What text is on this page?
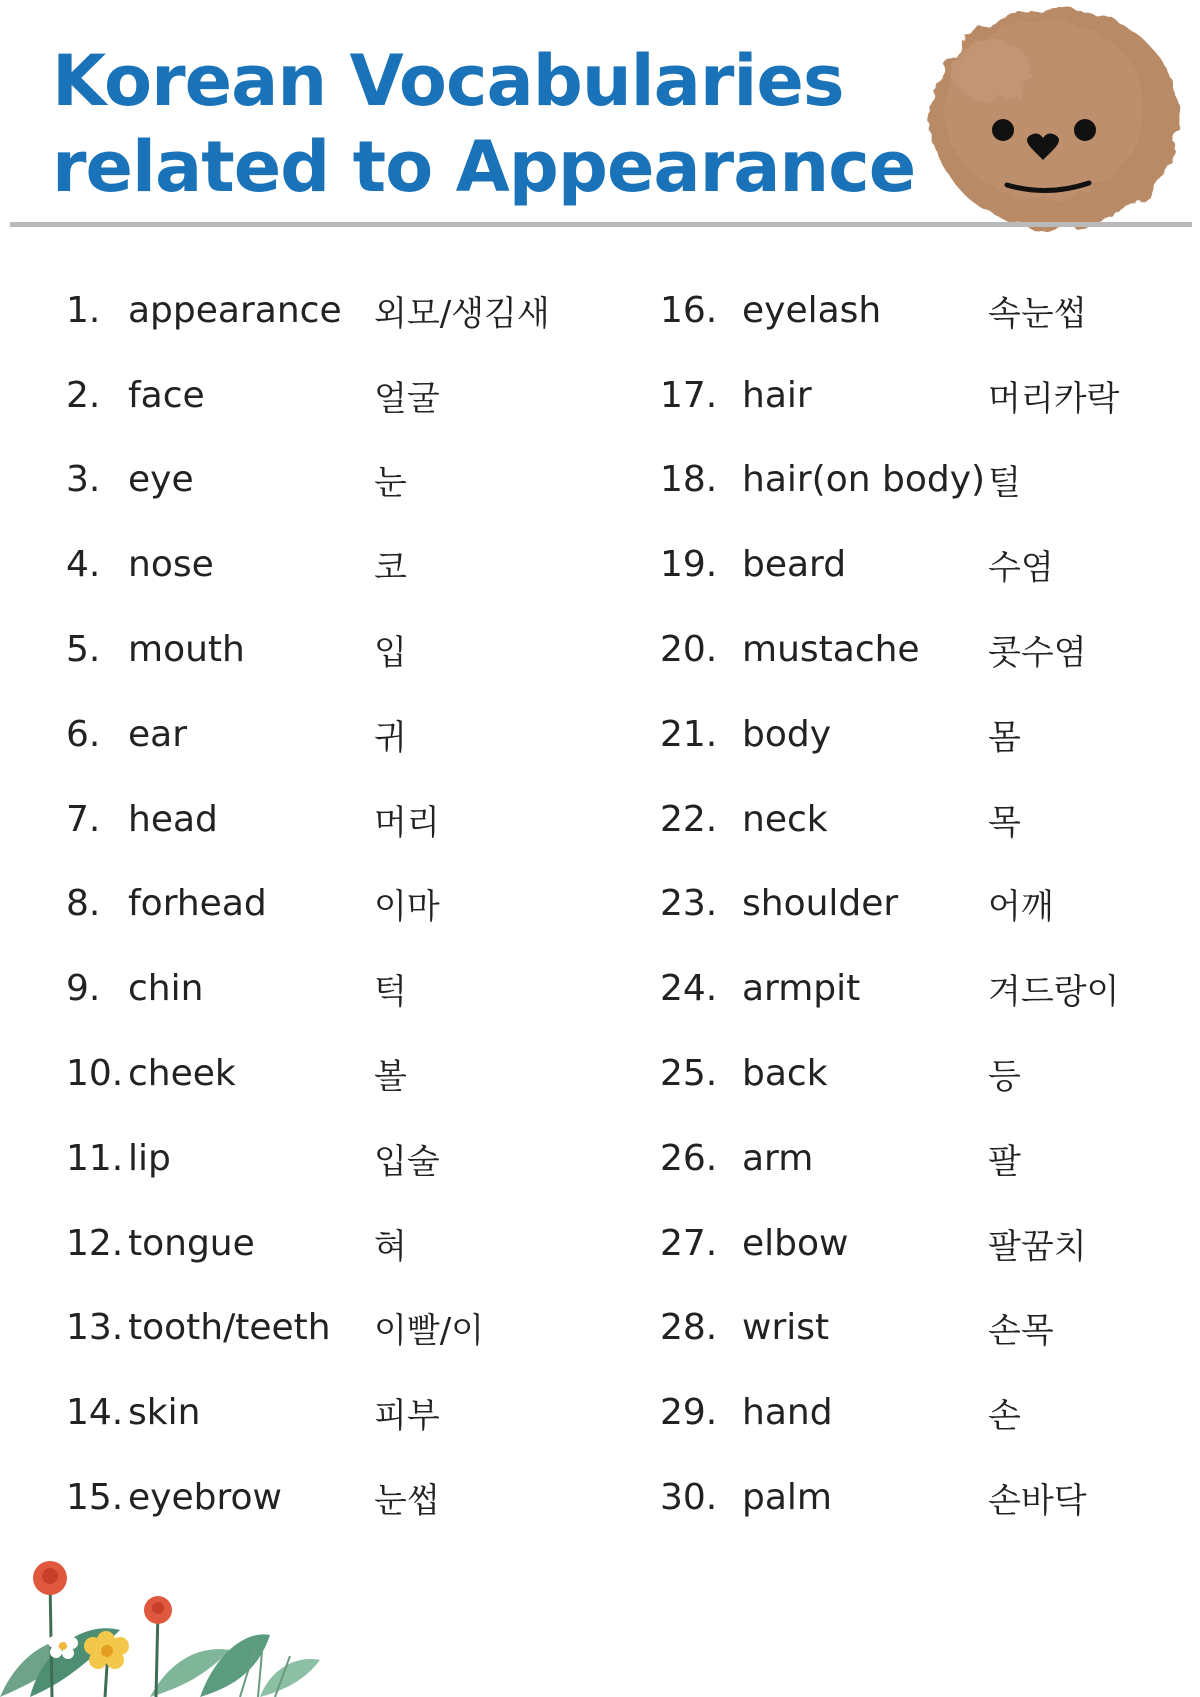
Korean Vocabularies
related to Appearance
1. appearance 외모/생김새
2. face	얼굴
3. eye	눈
4. nose	코
5. mouth	입
6. ear	귀
7. head	머리
8. forhead	이마
9. chin	턱
10. cheek	볼
11. lip	입술
12. tongue	혀
13. tooth/teeth	이빨/이
14. skin	피부
15. eyebrow	눈썹
16. eyelash	속눈썹
17. hair	머리카락
18. hair(on body) 털
19. beard	수염
20. mustache	콧수염
21. body	몸
22. neck	목
23. shoulder	어깨
24. armpit	겨드랑이
25. back	등
26. arm	팔
27. elbow	팔꿈치
28. wrist	손목
29. hand	손
30. palm	손바닥
